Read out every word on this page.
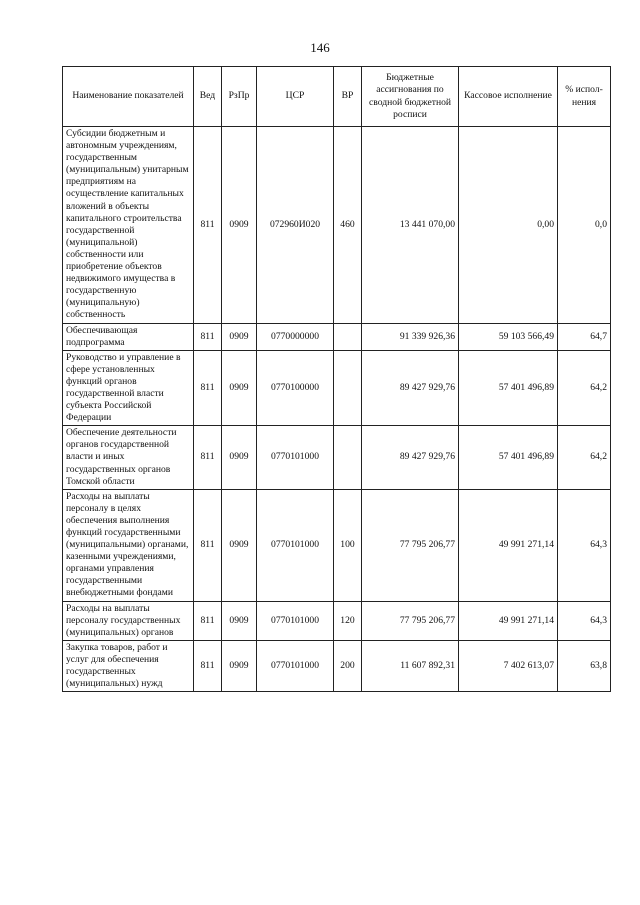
146
Наименование показателей	Вед	РзПр	ЦСР	ВР	Бюджетные ассигнования по сводной бюджетной росписи	Кассовое исполнение	% испол-нения
Субсидии бюджетным и автономным учреждениям, государственным (муниципальным) унитарным предприятиям на осуществление капитальных вложений в объекты капитального строительства государственной (муниципальной) собственности или приобретение объектов недвижимого имущества в государственную (муниципальную) собственность	811	0909	072960И020	460	13 441 070,00	0,00	0,0
Обеспечивающая подпрограмма	811	0909	0770000000		91 339 926,36	59 103 566,49	64,7
Руководство и управление в сфере установленных функций органов государственной власти субъекта Российской Федерации	811	0909	0770100000		89 427 929,76	57 401 496,89	64,2
Обеспечение деятельности органов государственной власти и иных государственных органов Томской области	811	0909	0770101000		89 427 929,76	57 401 496,89	64,2
Расходы на выплаты персоналу в целях обеспечения выполнения функций государственными (муниципальными) органами, казенными учреждениями, органами управления государственными внебюджетными фондами	811	0909	0770101000	100	77 795 206,77	49 991 271,14	64,3
Расходы на выплаты персоналу государственных (муниципальных) органов	811	0909	0770101000	120	77 795 206,77	49 991 271,14	64,3
Закупка товаров, работ и услуг для обеспечения государственных (муниципальных) нужд	811	0909	0770101000	200	11 607 892,31	7 402 613,07	63,8
